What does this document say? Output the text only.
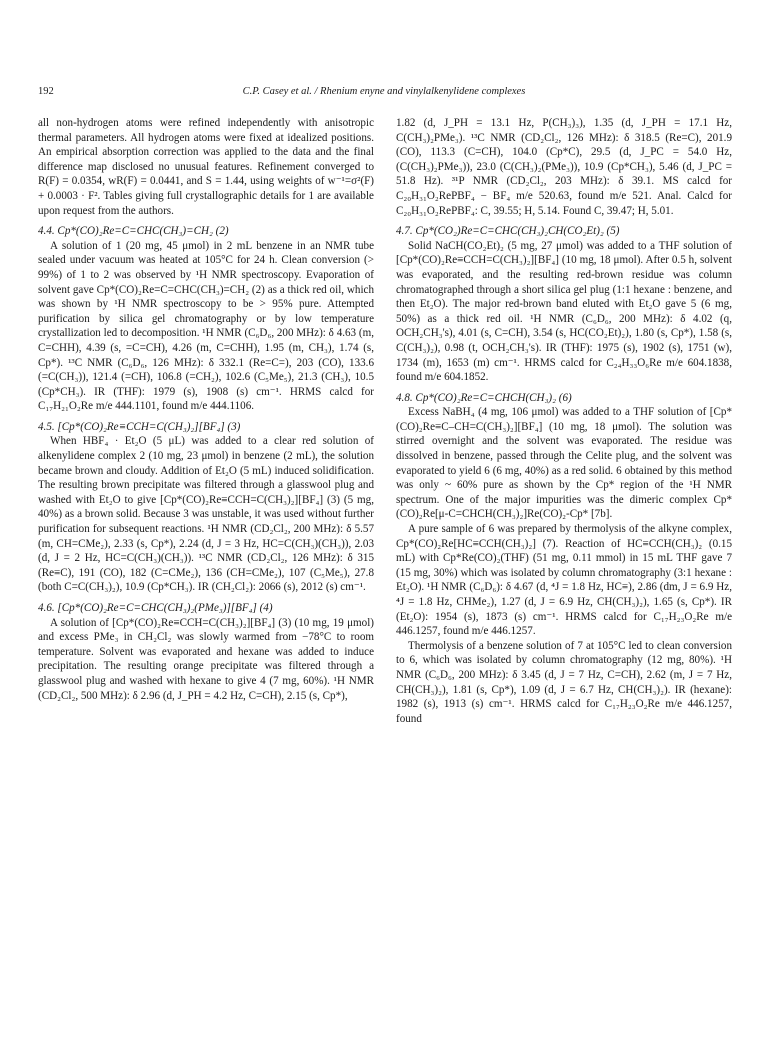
192	C.P. Casey et al. / Rhenium enyne and vinylalkenylidene complexes

all non-hydrogen atoms were refined independently with anisotropic thermal parameters. All hydrogen atoms were fixed at idealized positions. An empirical absorption correction was applied to the data and the final difference map disclosed no unusual features. Refinement converged to R(F) = 0.0354, wR(F) = 0.0441, and S = 1.44, using weights of w⁻¹=σ²(F) + 0.0003 · F². Tables giving full crystallographic details for 1 are available upon request from the authors.

4.4. Cp*(CO)₂Re=C=CHC(CH₃)=CH₂ (2)

A solution of 1 (20 mg, 45 μmol) in 2 mL benzene in an NMR tube sealed under vacuum was heated at 105°C for 24 h. Clean conversion (> 99%) of 1 to 2 was observed by ¹H NMR spectroscopy. Evaporation of solvent gave Cp*(CO)₂Re=C=CHC(CH₃)=CH₂ (2) as a thick red oil, which was shown by ¹H NMR spectroscopy to be > 95% pure. Attempted purification by silica gel chromatography or by low temperature crystallization led to decomposition. ¹H NMR (C₆D₆, 200 MHz): δ 4.63 (m, C=CHH), 4.39 (s, =C=CH), 4.26 (m, C=CHH), 1.95 (m, CH₃), 1.74 (s, Cp*). ¹³C NMR (C₆D₆, 126 MHz): δ 332.1 (Re=C=), 203 (CO), 133.6 (=C(CH₃)), 121.4 (=CH), 106.8 (=CH₂), 102.6 (C₅Me₅), 21.3 (CH₃), 10.5 (Cp*CH₃). IR (THF): 1979 (s), 1908 (s) cm⁻¹. HRMS calcd for C₁₇H₂₁O₂Re m/e 444.1101, found m/e 444.1106.

4.5. [Cp*(CO)₂Re≡CCH=C(CH₃)₂][BF₄] (3)

When HBF₄ · Et₂O (5 μL) was added to a clear red solution of alkenylidene complex 2 (10 mg, 23 μmol) in benzene (2 mL), the solution became brown and cloudy. Addition of Et₂O (5 mL) induced solidification. The resulting brown precipitate was filtered through a glasswool plug and washed with Et₂O to give [Cp*(CO)₂Re≡CCH=C(CH₃)₂][BF₄] (3) (5 mg, 40%) as a brown solid. Because 3 was unstable, it was used without further purification for subsequent reactions. ¹H NMR (CD₂Cl₂, 200 MHz): δ 5.57 (m, CH=CMe₂), 2.33 (s, Cp*), 2.24 (d, J = 3 Hz, HC=C(CH₃)(CH₃)), 2.03 (d, J = 2 Hz, HC=C(CH₃)(CH₃)). ¹³C NMR (CD₂Cl₂, 126 MHz): δ 315 (Re≡C), 191 (CO), 182 (C=CMe₂), 136 (CH=CMe₂), 107 (C₅Me₅), 27.8 (both C=C(CH₃)₂), 10.9 (Cp*CH₃). IR (CH₂Cl₂): 2066 (s), 2012 (s) cm⁻¹.

4.6. [Cp*(CO)₂Re=C=CHC(CH₃)₂(PMe₃)][BF₄] (4)

A solution of [Cp*(CO)₂Re≡CCH=C(CH₃)₂][BF₄] (3) (10 mg, 19 μmol) and excess PMe₃ in CH₂Cl₂ was slowly warmed from −78°C to room temperature. Solvent was evaporated and hexane was added to induce precipitation. The resulting orange precipitate was filtered through a glasswool plug and washed with hexane to give 4 (7 mg, 60%). ¹H NMR (CD₂Cl₂, 500 MHz): δ 2.96 (d, J_PH = 4.2 Hz, C=CH), 2.15 (s, Cp*),

1.82 (d, J_PH = 13.1 Hz, P(CH₃)₃), 1.35 (d, J_PH = 17.1 Hz, C(CH₃)₂PMe₃). ¹³C NMR (CD₂Cl₂, 126 MHz): δ 318.5 (Re=C), 201.9 (CO), 113.3 (C=CH), 104.0 (Cp*C), 29.5 (d, J_PC = 54.0 Hz, (C(CH₃)₂PMe₃)), 23.0 (C(CH₃)₂(PMe₃)), 10.9 (Cp*CH₃), 5.46 (d, J_PC = 51.8 Hz). ³¹P NMR (CD₂Cl₂, 203 MHz): δ 39.1. MS calcd for C₂₀H₃₁O₂RePBF₄ − BF₄ m/e 520.63, found m/e 521. Anal. Calcd for C₂₀H₃₁O₂RePBF₄: C, 39.55; H, 5.14. Found C, 39.47; H, 5.01.

4.7. Cp*(CO₂)Re=C=CHC(CH₃)₂CH(CO₂Et)₂ (5)

Solid NaCH(CO₂Et)₂ (5 mg, 27 μmol) was added to a THF solution of [Cp*(CO)₂Re≡CCH=C(CH₃)₂][BF₄] (10 mg, 18 μmol). After 0.5 h, solvent was evaporated, and the resulting red-brown residue was column chromatographed through a short silica gel plug (1:1 hexane : benzene, and then Et₂O). The major red-brown band eluted with Et₂O gave 5 (6 mg, 50%) as a thick red oil. ¹H NMR (C₆D₆, 200 MHz): δ 4.02 (q, OCH₂CH₃'s), 4.01 (s, C=CH), 3.54 (s, HC(CO₂Et)₂), 1.80 (s, Cp*), 1.58 (s, C(CH₃)₂), 0.98 (t, OCH₂CH₃'s). IR (THF): 1975 (s), 1902 (s), 1751 (w), 1734 (m), 1653 (m) cm⁻¹. HRMS calcd for C₂₄H₃₃O₆Re m/e 604.1838, found m/e 604.1852.

4.8. Cp*(CO)₂Re=C=CHCH(CH₃)₂ (6)

Excess NaBH₄ (4 mg, 106 μmol) was added to a THF solution of [Cp*(CO)₂Re≡C–CH=C(CH₃)₂][BF₄] (10 mg, 18 μmol). The solution was stirred overnight and the solvent was evaporated. The residue was dissolved in benzene, passed through the Celite plug, and the solvent was evaporated to yield 6 (6 mg, 40%) as a red solid. 6 obtained by this method was only ~ 60% pure as shown by the Cp* region of the ¹H NMR spectrum. One of the major impurities was the dimeric complex Cp*(CO)₂Re[μ-C=CHCH(CH₃)₂]Re(CO)₂-Cp* [7b].

A pure sample of 6 was prepared by thermolysis of the alkyne complex, Cp*(CO)₂Re[HC≡CCH(CH₃)₂] (7). Reaction of HC≡CCH(CH₃)₂ (0.15 mL) with Cp*Re(CO)₂(THF) (51 mg, 0.11 mmol) in 15 mL THF gave 7 (15 mg, 30%) which was isolated by column chromatography (3:1 hexane : Et₂O). ¹H NMR (C₆D₆): δ 4.67 (d, ⁴J = 1.8 Hz, HC≡), 2.86 (dm, J = 6.9 Hz, ⁴J = 1.8 Hz, CHMe₂), 1.27 (d, J = 6.9 Hz, CH(CH₃)₂), 1.65 (s, Cp*). IR (Et₂O): 1954 (s), 1873 (s) cm⁻¹. HRMS calcd for C₁₇H₂₃O₂Re m/e 446.1257, found m/e 446.1257.

Thermolysis of a benzene solution of 7 at 105°C led to clean conversion to 6, which was isolated by column chromatography (12 mg, 80%). ¹H NMR (C₆D₆, 200 MHz): δ 3.45 (d, J = 7 Hz, C=CH), 2.62 (m, J = 7 Hz, CH(CH₃)₂), 1.81 (s, Cp*), 1.09 (d, J = 6.7 Hz, CH(CH₃)₂). IR (hexane): 1982 (s), 1913 (s) cm⁻¹. HRMS calcd for C₁₇H₂₃O₂Re m/e 446.1257, found
